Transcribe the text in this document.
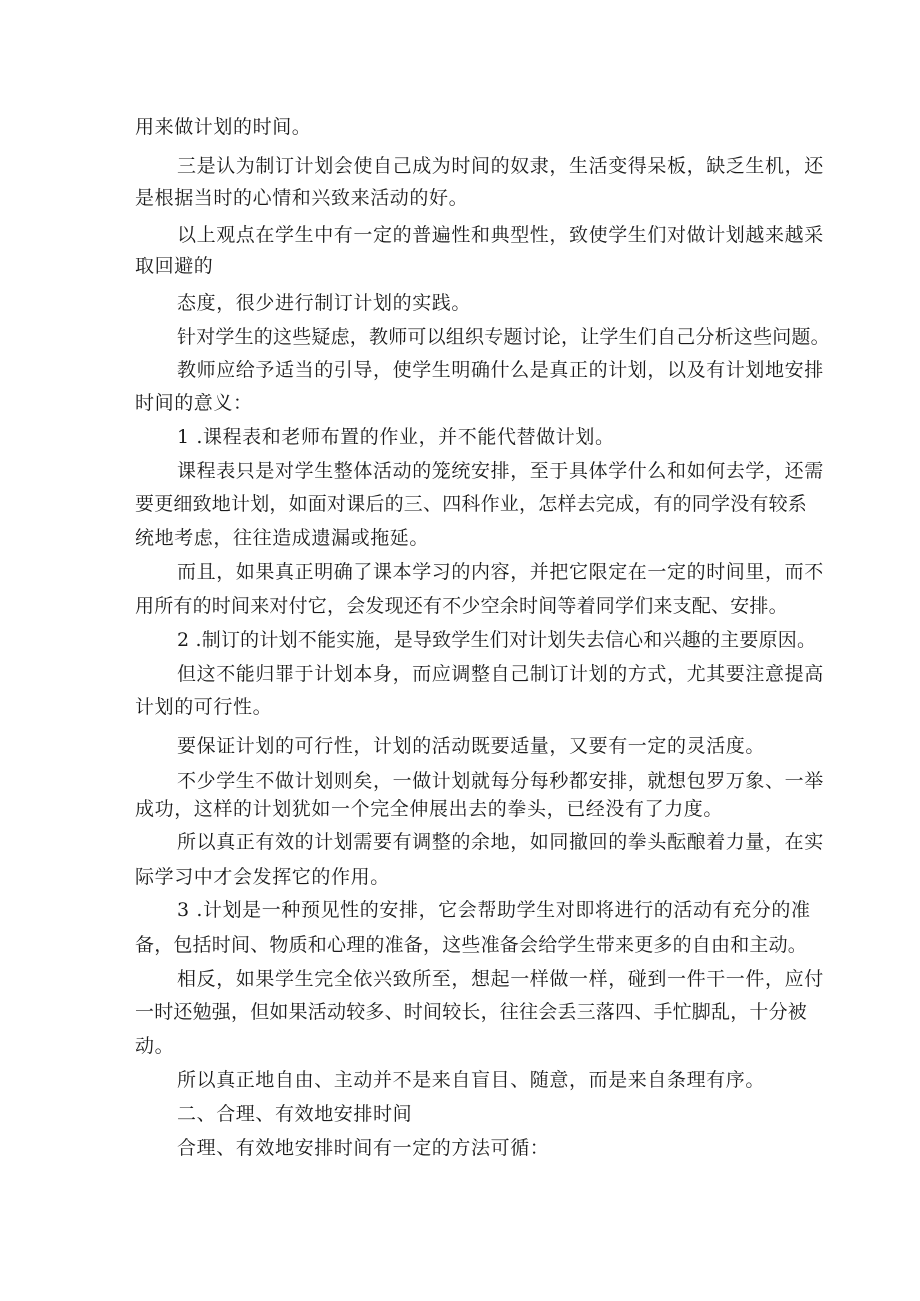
用来做计划的时间。
三是认为制订计划会使自己成为时间的奴隶，生活变得呆板，缺乏生机，还
是根据当时的心情和兴致来活动的好。
以上观点在学生中有一定的普遍性和典型性，致使学生们对做计划越来越采
取回避的
态度，很少进行制订计划的实践。
针对学生的这些疑虑，教师可以组织专题讨论，让学生们自己分析这些问题。
教师应给予适当的引导，使学生明确什么是真正的计划，以及有计划地安排
时间的意义：
1 .课程表和老师布置的作业，并不能代替做计划。
课程表只是对学生整体活动的笼统安排，至于具体学什么和如何去学，还需
要更细致地计划，如面对课后的三、四科作业，怎样去完成，有的同学没有较系
统地考虑，往往造成遗漏或拖延。
而且，如果真正明确了课本学习的内容，并把它限定在一定的时间里，而不
用所有的时间来对付它，会发现还有不少空余时间等着同学们来支配、安排。
2 .制订的计划不能实施，是导致学生们对计划失去信心和兴趣的主要原因。
但这不能归罪于计划本身，而应调整自己制订计划的方式，尤其要注意提高
计划的可行性。
要保证计划的可行性，计划的活动既要适量，又要有一定的灵活度。
不少学生不做计划则矣，一做计划就每分每秒都安排，就想包罗万象、一举
成功，这样的计划犹如一个完全伸展出去的拳头，已经没有了力度。
所以真正有效的计划需要有调整的余地，如同撤回的拳头酝酿着力量，在实
际学习中才会发挥它的作用。
3 .计划是一种预见性的安排，它会帮助学生对即将进行的活动有充分的准
备，包括时间、物质和心理的准备，这些准备会给学生带来更多的自由和主动。
相反，如果学生完全依兴致所至，想起一样做一样，碰到一件干一件，应付
一时还勉强，但如果活动较多、时间较长，往往会丢三落四、手忙脚乱，十分被
动。
所以真正地自由、主动并不是来自盲目、随意，而是来自条理有序。
二、合理、有效地安排时间
合理、有效地安排时间有一定的方法可循：
